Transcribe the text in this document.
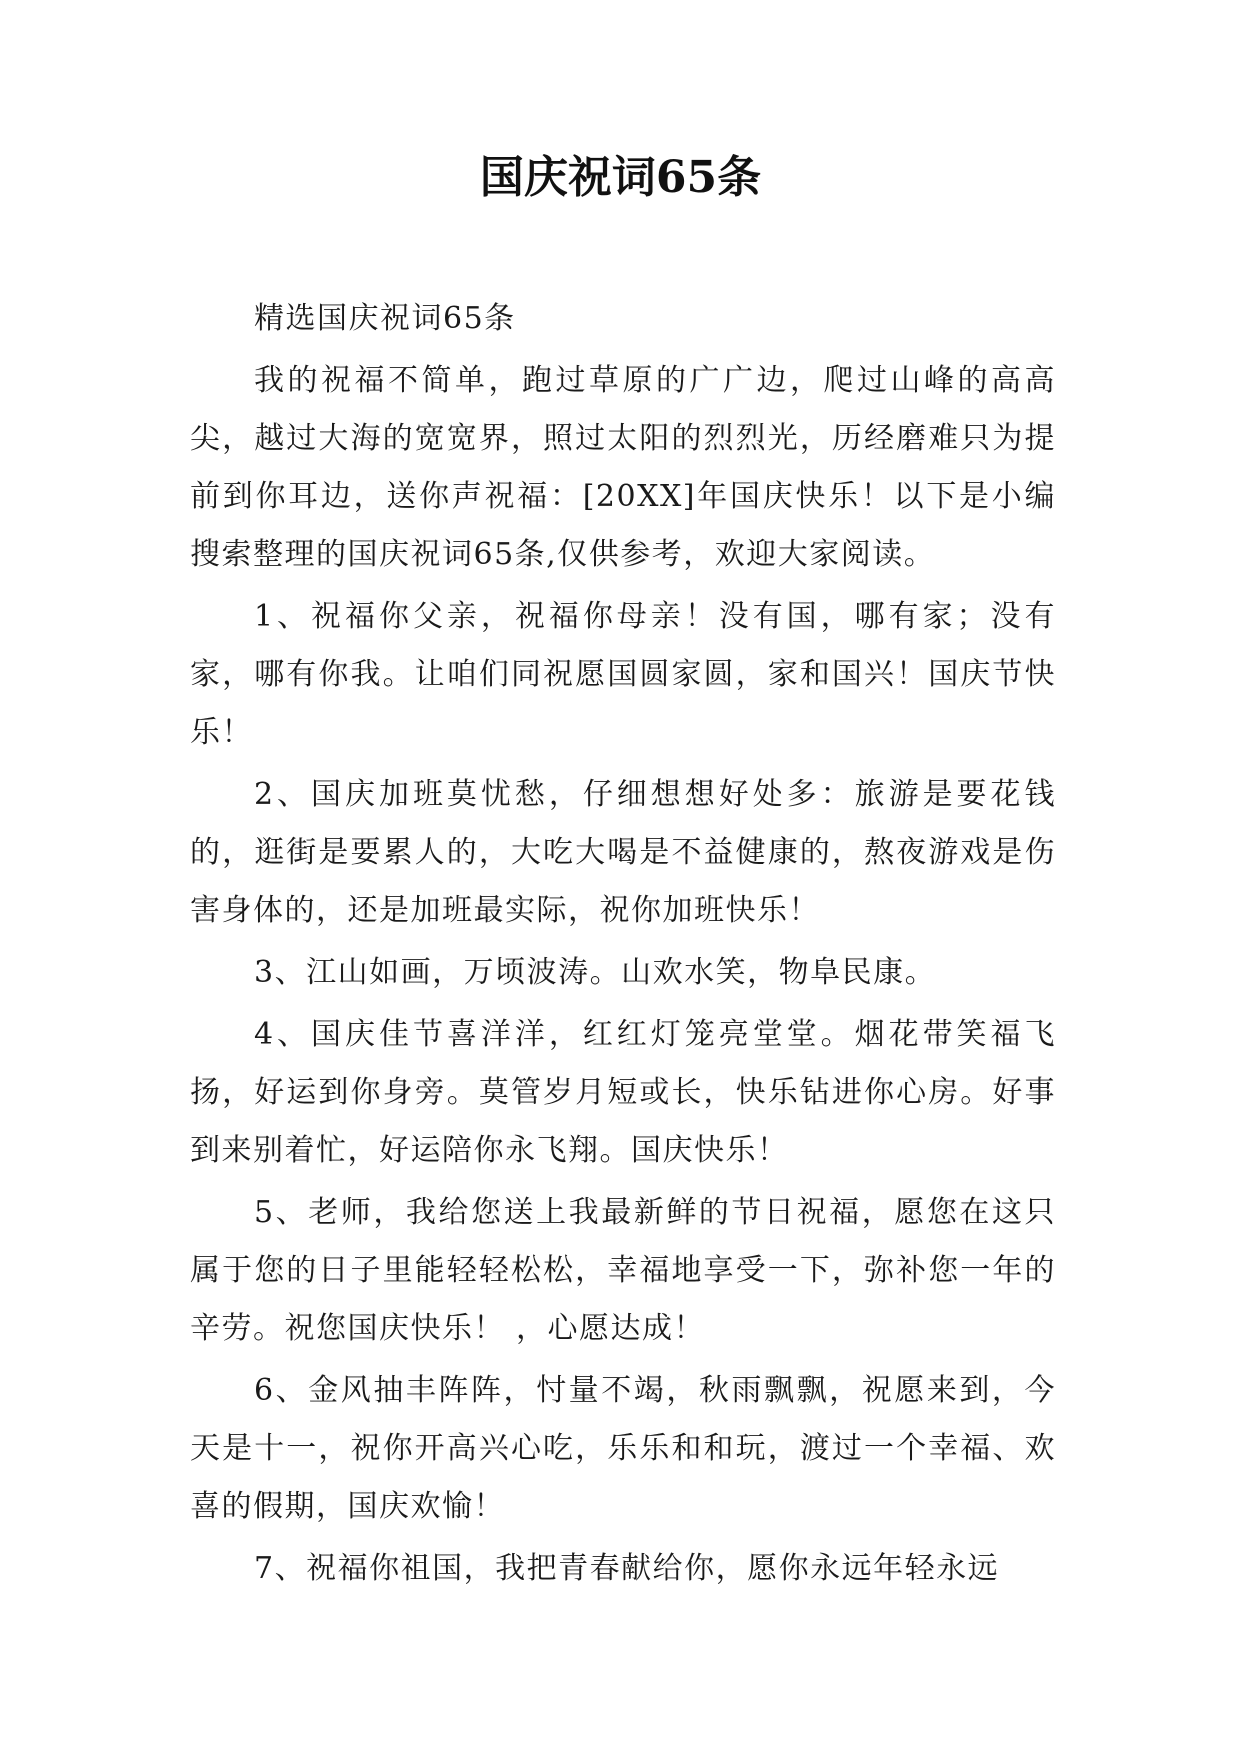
国庆祝词65条

精选国庆祝词65条

我的祝福不简单，跑过草原的广广边，爬过山峰的高高尖，越过大海的宽宽界，照过太阳的烈烈光，历经磨难只为提前到你耳边，送你声祝福：[20XX]年国庆快乐！以下是小编搜索整理的国庆祝词65条,仅供参考，欢迎大家阅读。

1、祝福你父亲，祝福你母亲！没有国，哪有家；没有家，哪有你我。让咱们同祝愿国圆家圆，家和国兴！国庆节快乐！

2、国庆加班莫忧愁，仔细想想好处多：旅游是要花钱的，逛街是要累人的，大吃大喝是不益健康的，熬夜游戏是伤害身体的，还是加班最实际，祝你加班快乐！

3、江山如画，万顷波涛。山欢水笑，物阜民康。

4、国庆佳节喜洋洋，红红灯笼亮堂堂。烟花带笑福飞扬，好运到你身旁。莫管岁月短或长，快乐钻进你心房。好事到来别着忙，好运陪你永飞翔。国庆快乐！

5、老师，我给您送上我最新鲜的节日祝福，愿您在这只属于您的日子里能轻轻松松，幸福地享受一下，弥补您一年的辛劳。祝您国庆快乐！ ，心愿达成！

6、金风抽丰阵阵，忖量不竭，秋雨飘飘，祝愿来到，今天是十一，祝你开高兴心吃，乐乐和和玩，渡过一个幸福、欢喜的假期，国庆欢愉！

7、祝福你祖国，我把青春献给你，愿你永远年轻永远
